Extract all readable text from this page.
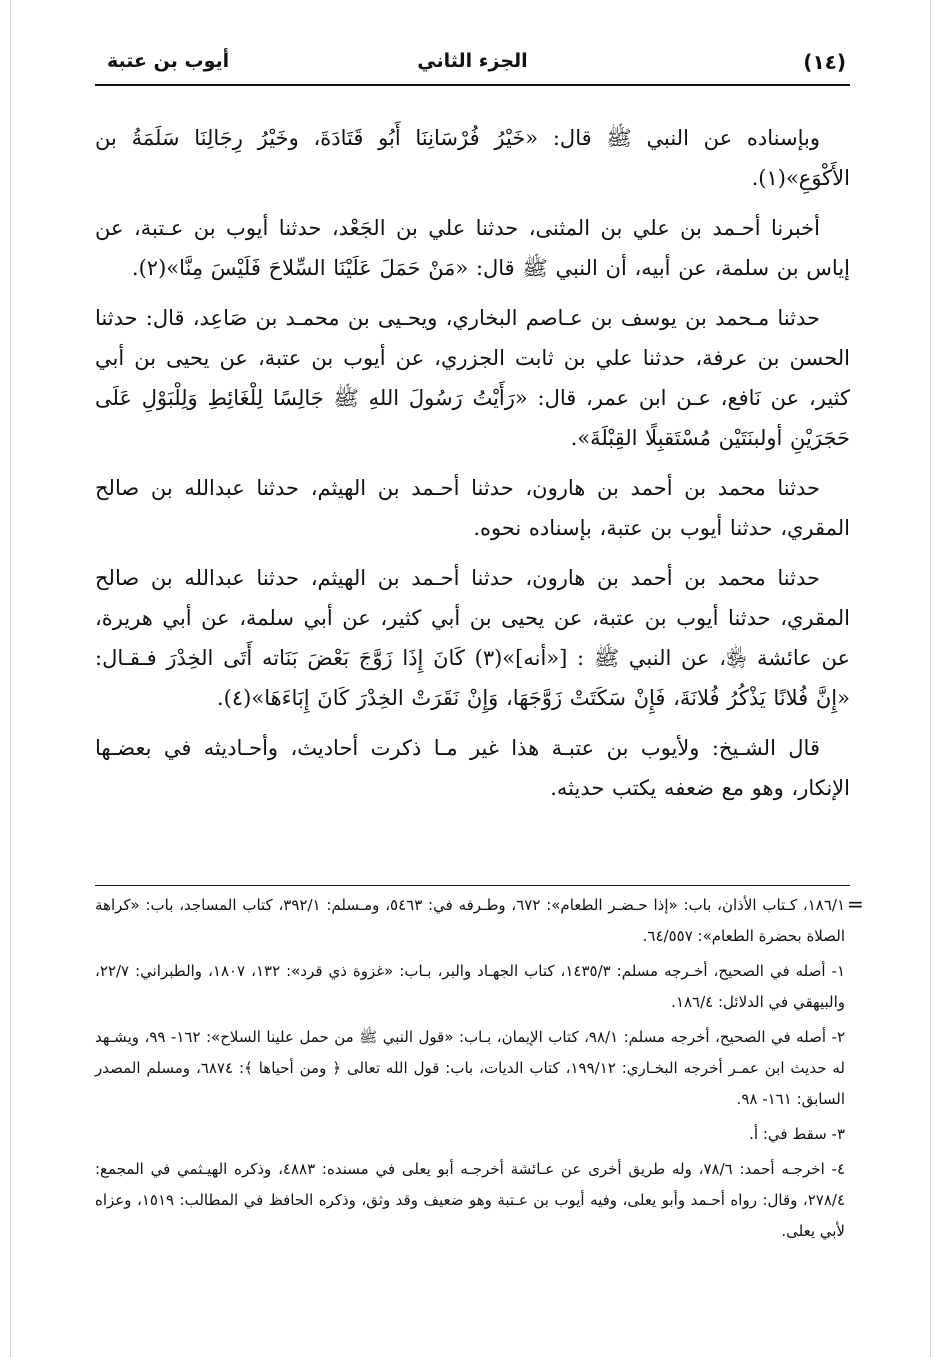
أيوب بن عتبة	الجزء الثاني	(١٤)

وبإسناده عن النبي ﷺ قال: «خَيْرُ فُرْسَانِنَا أَبُو قَتَادَةَ، وخَيْرُ رِجَالِنَا سَلَمَةُ بن الأَكْوَعِ»(١).

أخبرنا أحـمد بن علي بن المثنى، حدثنا علي بن الجَعْد، حدثنا أيوب بن عـتبة، عن إياس بن سلمة، عن أبيه، أن النبي ﷺ قال: «مَنْ حَمَلَ عَلَيْنَا السِّلاحَ فَلَيْسَ مِنَّا»(٢).

حدثنا مـحمد بن يوسف بن عـاصم البخاري، ويحـيى بن محمـد بن صَاعِد، قال: حدثنا الحسن بن عرفة، حدثنا علي بن ثابت الجزري، عن أيوب بن عتبة، عن يحيى بن أبي كثير، عن نَافع، عـن ابن عمر، قال: «رَأَيْتُ رَسُولَ اللهِ ﷺ جَالِسًا لِلْغَائِطِ وَلِلْبَوْلِ عَلَى حَجَرَيْنِ أولبنَتَيْن مُسْتَقبِلًا القِبْلَةَ».

حدثنا محمد بن أحمد بن هارون، حدثنا أحـمد بن الهيثم، حدثنا عبدالله بن صالح المقري، حدثنا أيوب بن عتبة، بإسناده نحوه.

حدثنا محمد بن أحمد بن هارون، حدثنا أحـمد بن الهيثم، حدثنا عبدالله بن صالح المقري، حدثنا أيوب بن عتبة، عن يحيى بن أبي كثير، عن أبي سلمة، عن أبي هريرة، عن عائشة ﵂، عن النبي ﷺ : [«أنه]»(٣) كَانَ إِذَا زَوَّجَ بَعْضَ بَنَاته أَتَى الخِدْرَ فـقـال: «إِنَّ فُلانًا يَذْكُرُ فُلانَةَ، فَإِنْ سَكَتَتْ زَوَّجَهَا، وَإِنْ نَقَرَتْ الخِدْرَ كَانَ إِبَاءَهَا»(٤).

قال الشـيخ: ولأيوب بن عتبـة هذا غير مـا ذكرت أحاديث، وأحـاديثه في بعضـها الإنكار، وهو مع ضعفه يكتب حديثه.

=

١٨٦/١، كـتاب الأذان، باب: «إذا حـضـر الطعام»: ٦٧٢، وطـرفه في: ٥٤٦٣، ومـسلم: ٣٩٢/١، كتاب المساجد، باب: «كراهة الصلاة بحضرة الطعام»: ٦٤/٥٥٧.

١- أصله في الصحيح، أخـرجه مسلم: ١٤٣٥/٣، كتاب الجهـاد والبر، بـاب: «غزوة ذي قرد»: ١٣٢، ١٨٠٧، والطبراني: ٢٢/٧، والبيهقي في الدلائل: ١٨٦/٤.

٢- أصله في الصحيح، أخرجه مسلم: ٩٨/١، كتاب الإيمان، بـاب: «قول النبي ﷺ من حمل علينا السلاح»: ١٦٢- ٩٩، ويشـهد له حديث ابن عمـر أخرجه البخـاري: ١٩٩/١٢، كتاب الديات، باب: قول الله تعالى ﴿ ومن أحياها ﴾: ٦٨٧٤، ومسلم المصدر السابق: ١٦١- ٩٨.

٣- سقط في: أ.

٤- اخرجـه أحمد: ٧٨/٦، وله طريق أخرى عن عـائشة أخرجـه أبو يعلى في مسنده: ٤٨٨٣، وذكره الهيـثمي في المجمع: ٢٧٨/٤، وقال: رواه أحـمد وأبو يعلى، وفيه أيوب بن عـتبة وهو ضعيف وقد وثق، وذكره الحافظ في المطالب: ١٥١٩، وعزاه لأبي يعلى.
